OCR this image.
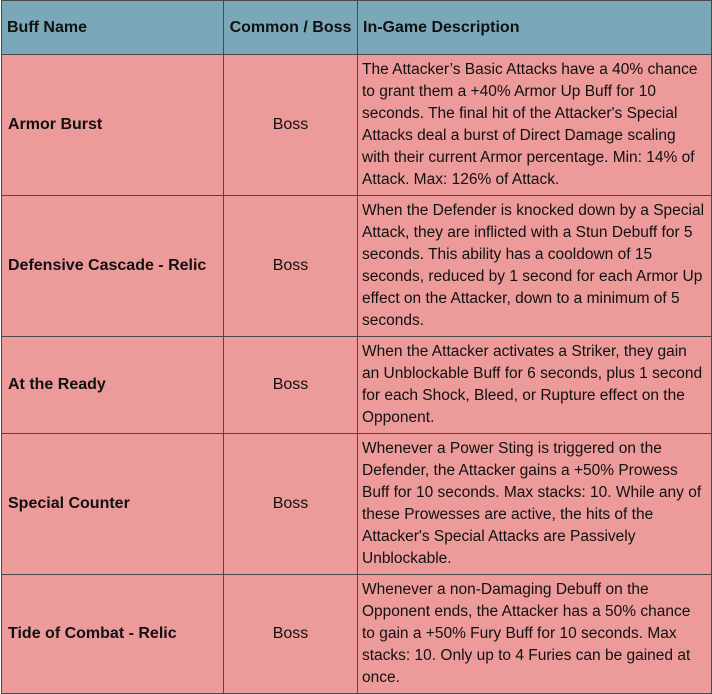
Buff Name	Common / Boss	In-Game Description
Armor Burst	Boss	The Attacker’s Basic Attacks have a 40% chance to grant them a +40% Armor Up Buff for 10 seconds. The final hit of the Attacker's Special Attacks deal a burst of Direct Damage scaling with their current Armor percentage. Min: 14% of Attack. Max: 126% of Attack.
Defensive Cascade - Relic	Boss	When the Defender is knocked down by a Special Attack, they are inflicted with a Stun Debuff for 5 seconds. This ability has a cooldown of 15 seconds, reduced by 1 second for each Armor Up effect on the Attacker, down to a minimum of 5 seconds.
At the Ready	Boss	When the Attacker activates a Striker, they gain an Unblockable Buff for 6 seconds, plus 1 second for each Shock, Bleed, or Rupture effect on the Opponent.
Special Counter	Boss	Whenever a Power Sting is triggered on the Defender, the Attacker gains a +50% Prowess Buff for 10 seconds. Max stacks: 10. While any of these Prowesses are active, the hits of the Attacker's Special Attacks are Passively Unblockable.
Tide of Combat - Relic	Boss	Whenever a non-Damaging Debuff on the Opponent ends, the Attacker has a 50% chance to gain a +50% Fury Buff for 10 seconds. Max stacks: 10. Only up to 4 Furies can be gained at once.
